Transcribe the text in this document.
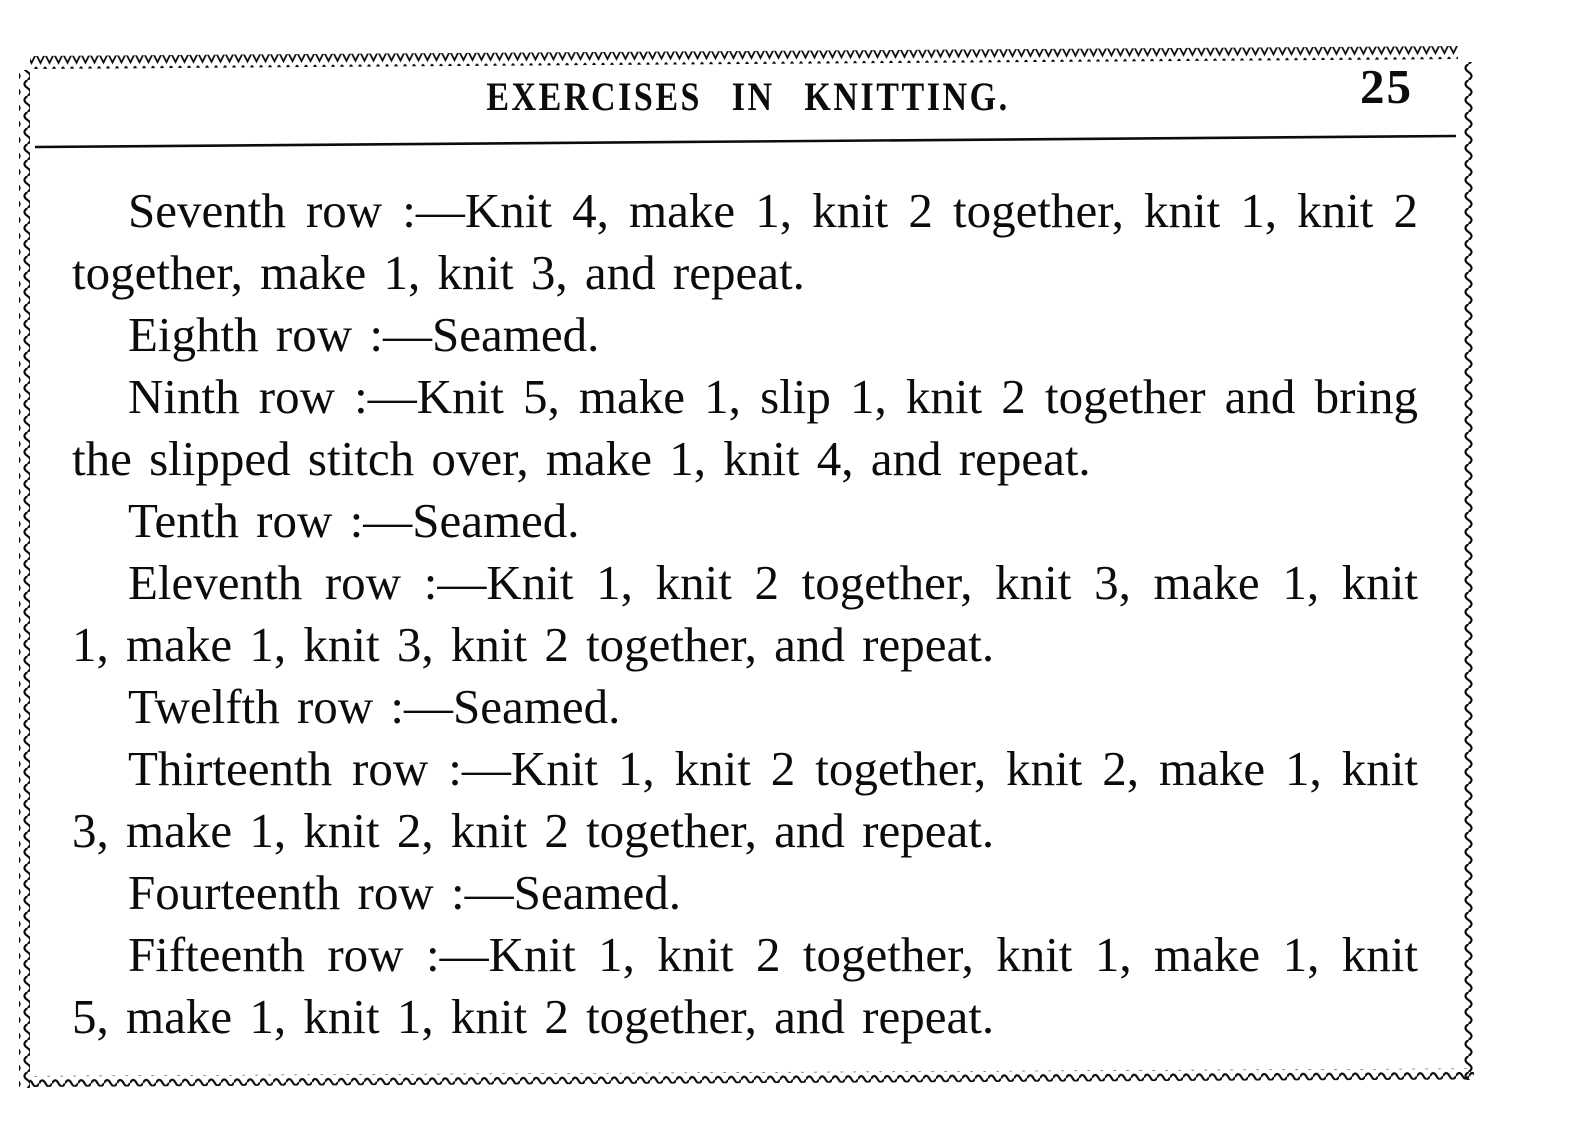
EXERCISES IN KNITTING.	25
Seventh row :—Knit 4, make 1, knit 2 together, knit 1, knit 2
together, make 1, knit 3, and repeat.
Eighth row :—Seamed.
Ninth row :—Knit 5, make 1, slip 1, knit 2 together and bring
the slipped stitch over, make 1, knit 4, and repeat.
Tenth row :—Seamed.
Eleventh row :—Knit 1, knit 2 together, knit 3, make 1, knit
1, make 1, knit 3, knit 2 together, and repeat.
Twelfth row :—Seamed.
Thirteenth row :—Knit 1, knit 2 together, knit 2, make 1, knit
3, make 1, knit 2, knit 2 together, and repeat.
Fourteenth row :—Seamed.
Fifteenth row :—Knit 1, knit 2 together, knit 1, make 1, knit
5, make 1, knit 1, knit 2 together, and repeat.
